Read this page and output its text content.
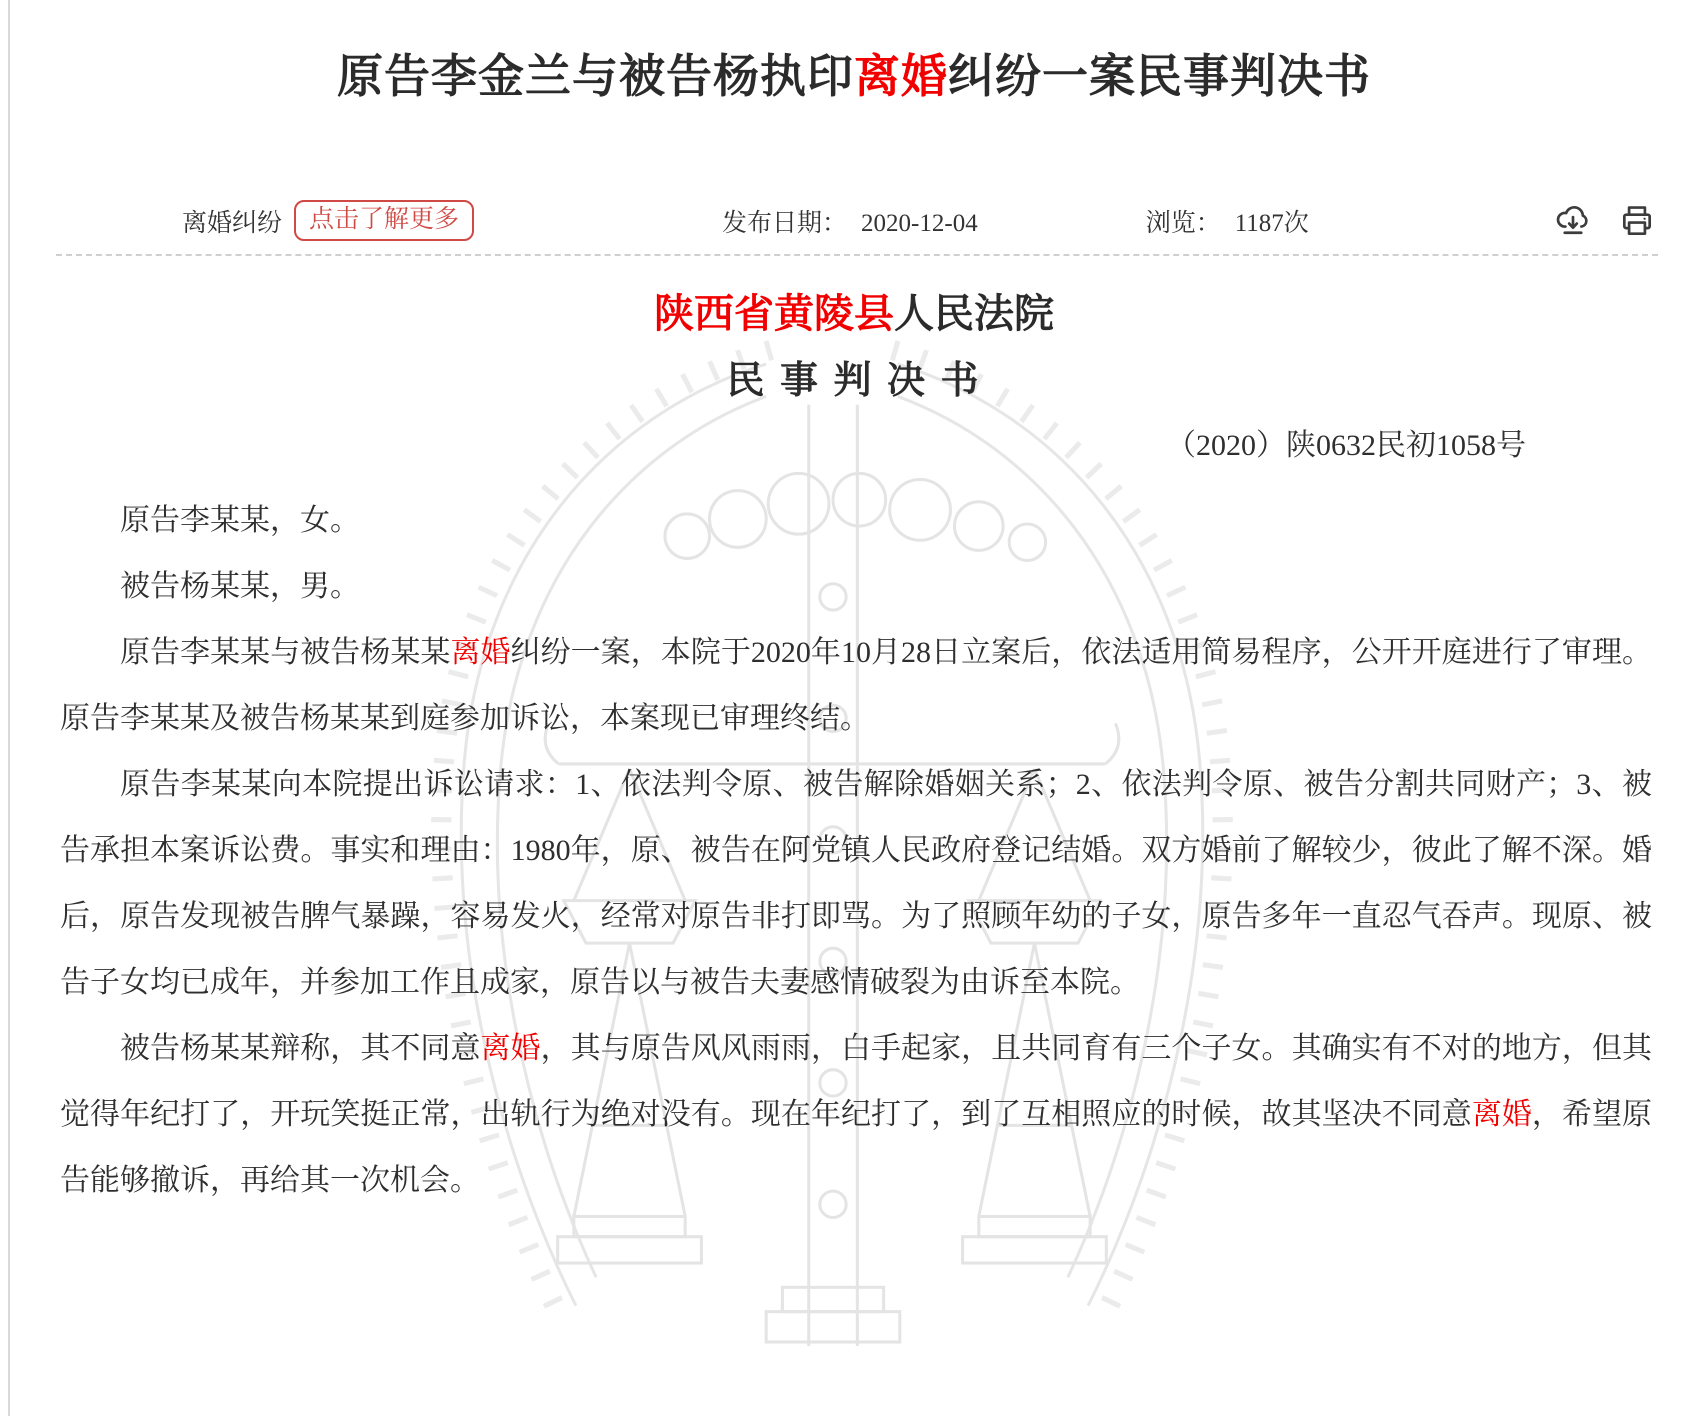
原告李金兰与被告杨执印离婚纠纷一案民事判决书
离婚纠纷	点击了解更多	发布日期： 2020-12-04	浏览： 1187次
陕西省黄陵县人民法院
民 事 判 决 书
（2020）陕0632民初1058号

原告李某某，女。

被告杨某某，男。

原告李某某与被告杨某某离婚纠纷一案，本院于2020年10月28日立案后，依法适用简易程序，公开开庭进行了审理。原告李某某及被告杨某某到庭参加诉讼，本案现已审理终结。

原告李某某向本院提出诉讼请求：1、依法判令原、被告解除婚姻关系；2、依法判令原、被告分割共同财产；3、被告承担本案诉讼费。事实和理由：1980年，原、被告在阿党镇人民政府登记结婚。双方婚前了解较少，彼此了解不深。婚后，原告发现被告脾气暴躁，容易发火，经常对原告非打即骂。为了照顾年幼的子女，原告多年一直忍气吞声。现原、被告子女均已成年，并参加工作且成家，原告以与被告夫妻感情破裂为由诉至本院。

被告杨某某辩称，其不同意离婚，其与原告风风雨雨，白手起家，且共同育有三个子女。其确实有不对的地方，但其觉得年纪打了，开玩笑挺正常，出轨行为绝对没有。现在年纪打了，到了互相照应的时候，故其坚决不同意离婚，希望原告能够撤诉，再给其一次机会。
